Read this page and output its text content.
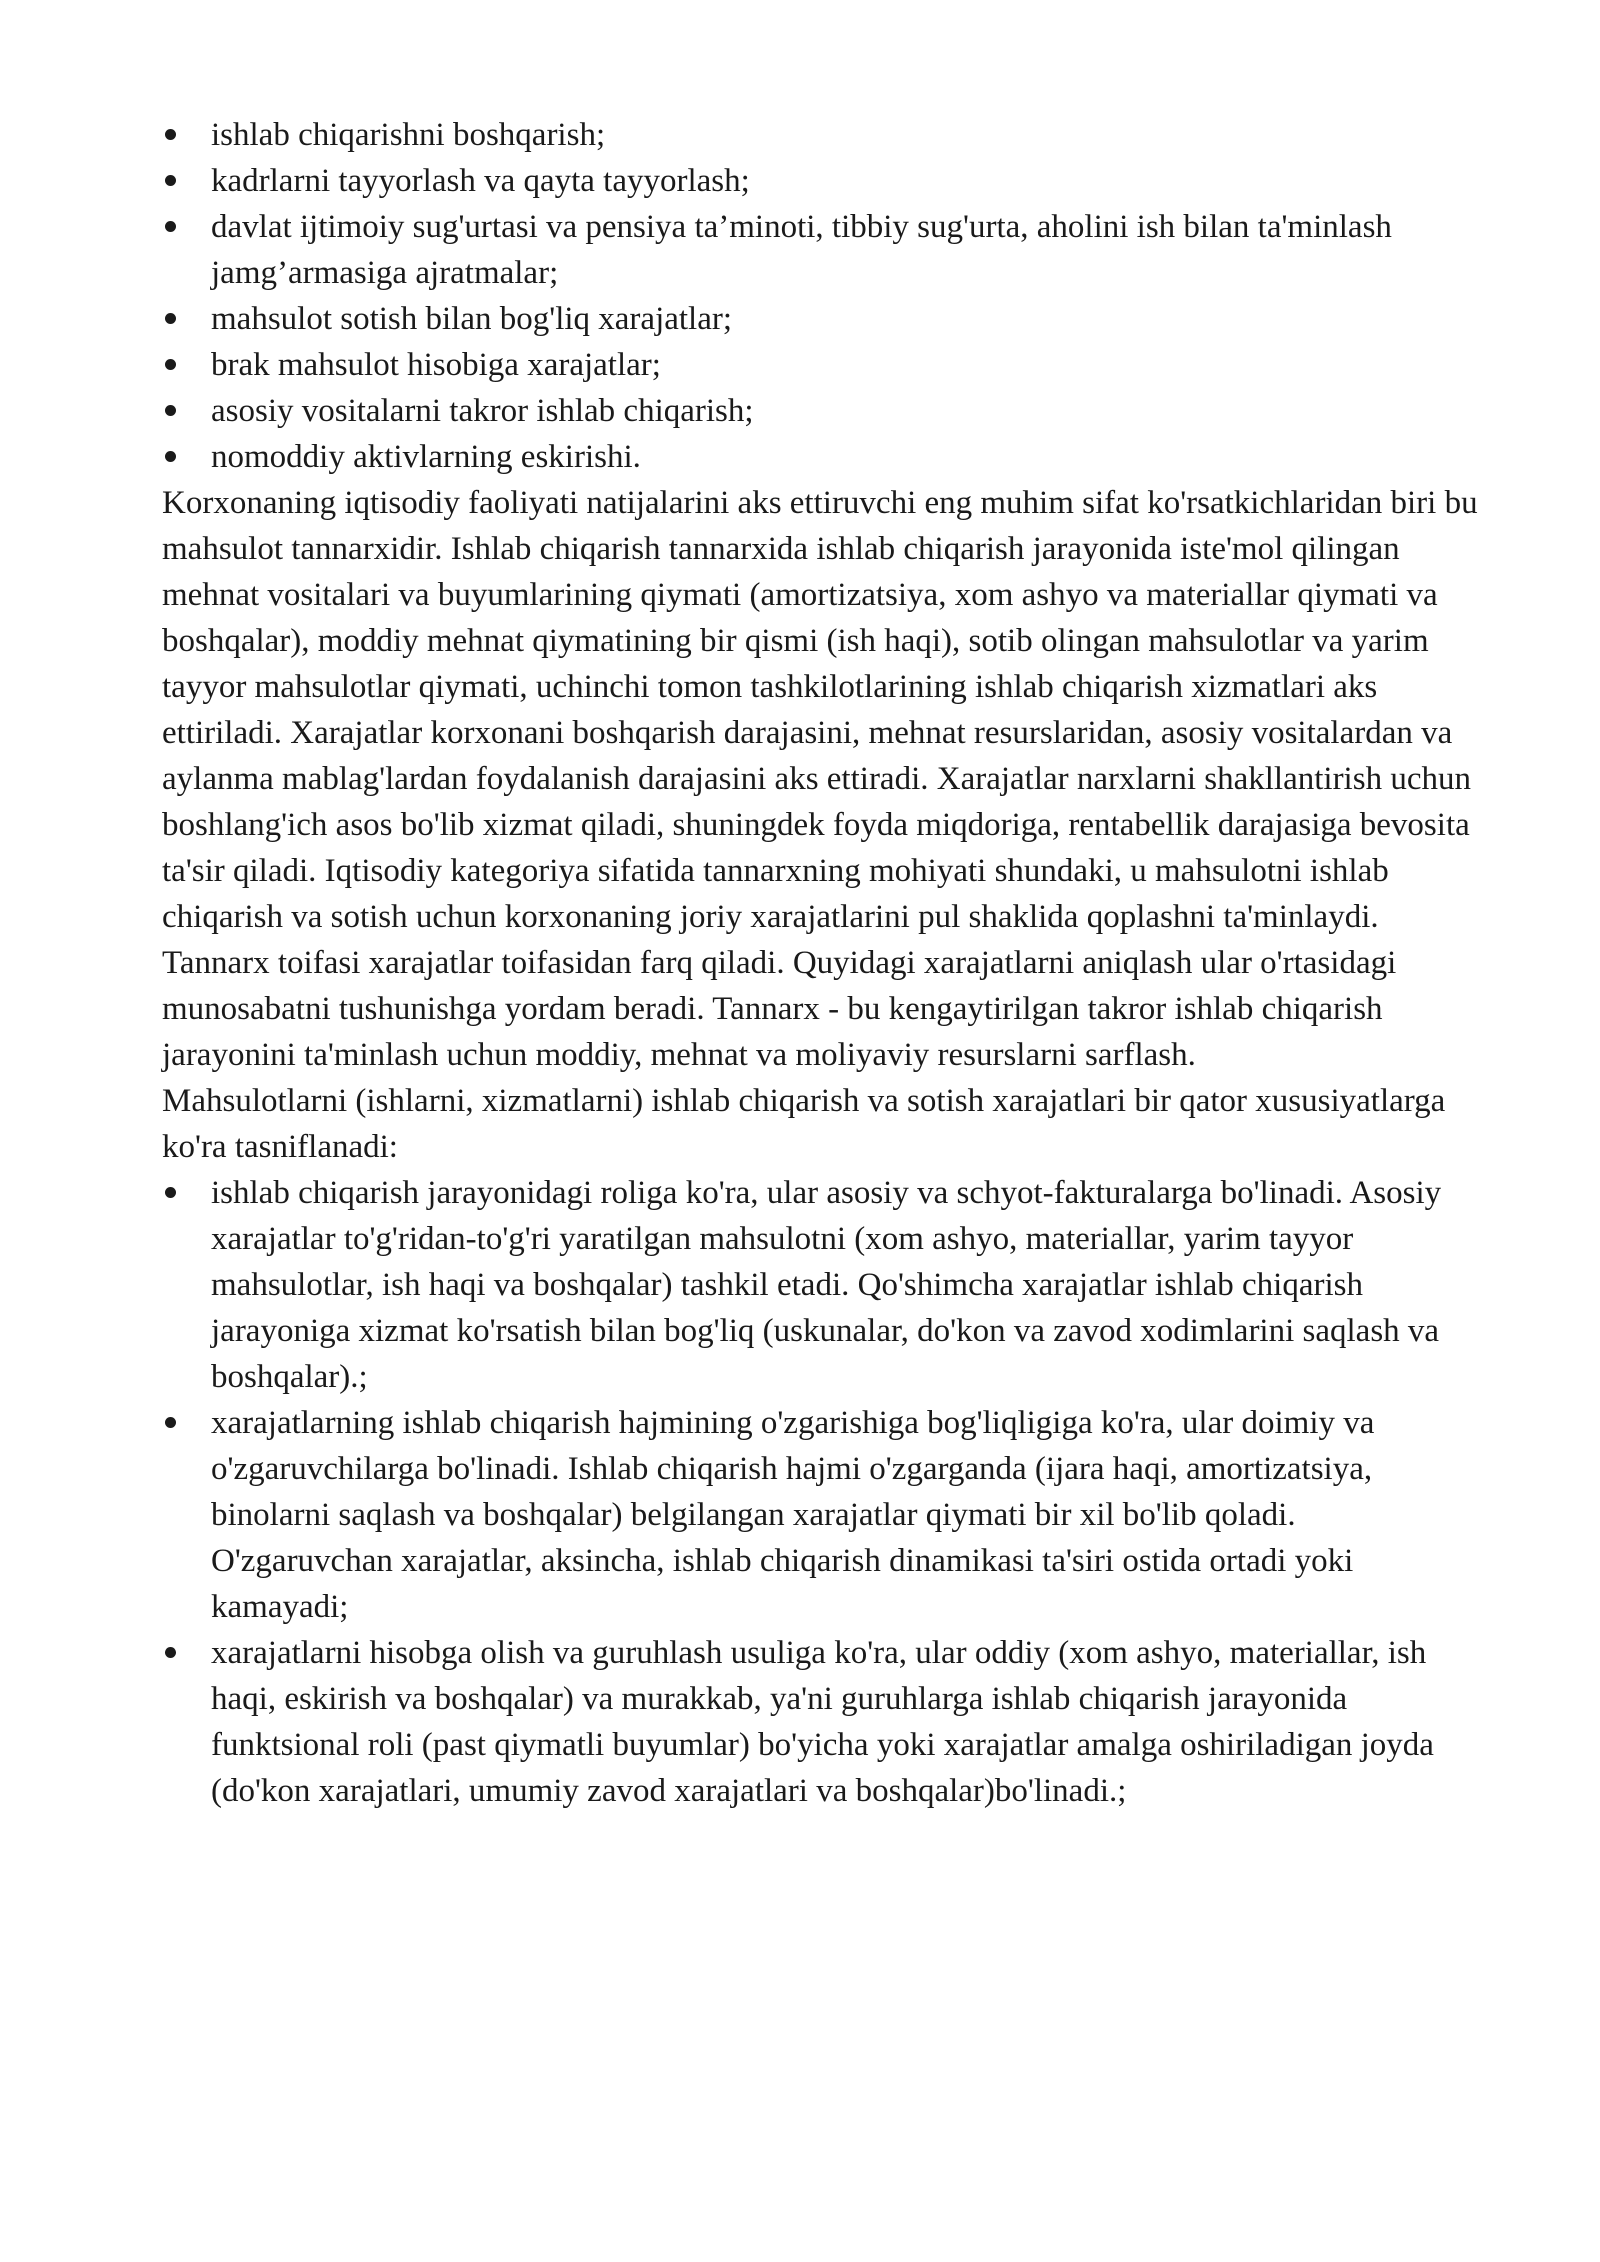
ishlab chiqarishni boshqarish;
kadrlarni tayyorlash va qayta tayyorlash;
davlat ijtimoiy sug'urtasi va pensiya ta’minoti, tibbiy sug'urta, aholini ish bilan ta'minlash jamg’armasiga ajratmalar;
mahsulot sotish bilan bog'liq xarajatlar;
brak mahsulot hisobiga xarajatlar;
asosiy vositalarni takror ishlab chiqarish;
nomoddiy aktivlarning eskirishi.

Korxonaning iqtisodiy faoliyati natijalarini aks ettiruvchi eng muhim sifat ko'rsatkichlaridan biri bu mahsulot tannarxidir. Ishlab chiqarish tannarxida ishlab chiqarish jarayonida iste'mol qilingan mehnat vositalari va buyumlarining qiymati (amortizatsiya, xom ashyo va materiallar qiymati va boshqalar), moddiy mehnat qiymatining bir qismi (ish haqi), sotib olingan mahsulotlar va yarim tayyor mahsulotlar qiymati, uchinchi tomon tashkilotlarining ishlab chiqarish xizmatlari aks ettiriladi. Xarajatlar korxonani boshqarish darajasini, mehnat resurslaridan, asosiy vositalardan va aylanma mablag'lardan foydalanish darajasini aks ettiradi. Xarajatlar narxlarni shakllantirish uchun boshlang'ich asos bo'lib xizmat qiladi, shuningdek foyda miqdoriga, rentabellik darajasiga bevosita ta'sir qiladi. Iqtisodiy kategoriya sifatida tannarxning mohiyati shundaki, u mahsulotni ishlab chiqarish va sotish uchun korxonaning joriy xarajatlarini pul shaklida qoplashni ta'minlaydi.

Tannarx toifasi xarajatlar toifasidan farq qiladi. Quyidagi xarajatlarni aniqlash ular o'rtasidagi munosabatni tushunishga yordam beradi. Tannarx - bu kengaytirilgan takror ishlab chiqarish jarayonini ta'minlash uchun moddiy, mehnat va moliyaviy resurslarni sarflash.

Mahsulotlarni (ishlarni, xizmatlarni) ishlab chiqarish va sotish xarajatlari bir qator xususiyatlarga ko'ra tasniflanadi:

ishlab chiqarish jarayonidagi roliga ko'ra, ular asosiy va schyot-fakturalarga bo'linadi. Asosiy xarajatlar to'g'ridan-to'g'ri yaratilgan mahsulotni (xom ashyo, materiallar, yarim tayyor mahsulotlar, ish haqi va boshqalar) tashkil etadi. Qo'shimcha xarajatlar ishlab chiqarish jarayoniga xizmat ko'rsatish bilan bog'liq (uskunalar, do'kon va zavod xodimlarini saqlash va boshqalar).;
xarajatlarning ishlab chiqarish hajmining o'zgarishiga bog'liqligiga ko'ra, ular doimiy va o'zgaruvchilarga bo'linadi. Ishlab chiqarish hajmi o'zgarganda (ijara haqi, amortizatsiya, binolarni saqlash va boshqalar) belgilangan xarajatlar qiymati bir xil bo'lib qoladi. O'zgaruvchan xarajatlar, aksincha, ishlab chiqarish dinamikasi ta'siri ostida ortadi yoki kamayadi;
xarajatlarni hisobga olish va guruhlash usuliga ko'ra, ular oddiy (xom ashyo, materiallar, ish haqi, eskirish va boshqalar) va murakkab, ya'ni guruhlarga ishlab chiqarish jarayonida funktsional roli (past qiymatli buyumlar) bo'yicha yoki xarajatlar amalga oshiriladigan joyda (do'kon xarajatlari, umumiy zavod xarajatlari va boshqalar)bo'linadi.;
